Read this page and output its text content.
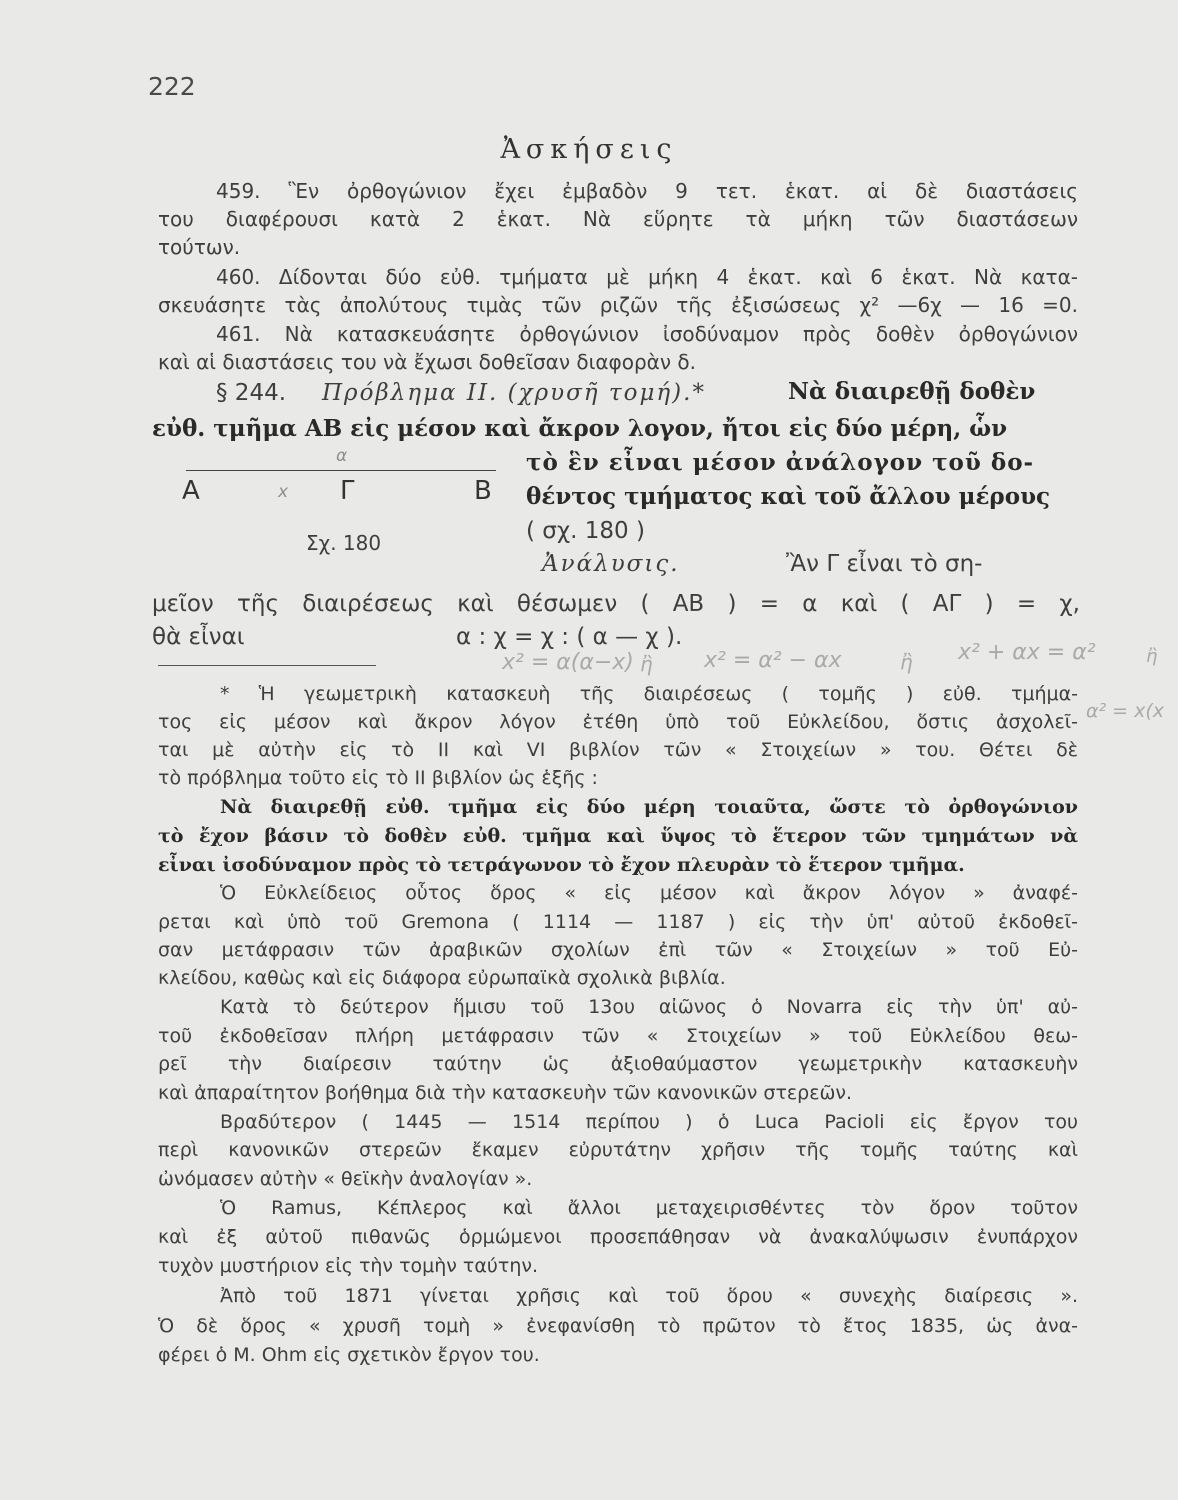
222
Ἀσκήσεις
459. Ἓν ὀρθογώνιον ἔχει ἐμβαδὸν 9 τετ. ἑκατ. αἱ δὲ διαστάσεις
του διαφέρουσι κατὰ 2 ἑκατ. Νὰ εὕρητε τὰ μήκη τῶν διαστάσεων
τούτων.
460. Δίδονται δύο εὐθ. τμήματα μὲ μήκη 4 ἑκατ. καὶ 6 ἑκατ. Νὰ κατα-
σκευάσητε τὰς ἀπολύτους τιμὰς τῶν ριζῶν τῆς ἐξισώσεως χ² —6χ — 16 =0.
461. Νὰ κατασκευάσητε ὀρθογώνιον ἰσοδύναμον πρὸς δοθὲν ὀρθογώνιον
καὶ αἱ διαστάσεις του νὰ ἔχωσι δοθεῖσαν διαφορὰν δ.
§ 244. Πρόβλημα ΙΙ. (χρυσῆ τομή).*	Νὰ διαιρεθῇ δοθὲν
εὐθ. τμῆμα ΑΒ εἰς μέσον καὶ ἄκρον λογον, ἤτοι εἰς δύο μέρη, ὧν
τὸ ἓν εἶναι μέσον ἀνάλογον τοῦ δο-
θέντος τμήματος καὶ τοῦ ἄλλου μέρους
( σχ. 180 )
α
x
Α	Γ	Β
Σχ. 180
Ἀνάλυσις.	Ἂν Γ εἶναι τὸ ση-
μεῖον τῆς διαιρέσεως καὶ θέσωμεν ( ΑΒ ) = α καὶ ( ΑΓ ) = χ,
θὰ εἶναι	α : χ = χ : ( α — χ ).
x² = α(α−x) ἢ x² = α² − αx	ἢ x² + αx = α²	ἢ
α² = x(x
* Ἡ γεωμετρικὴ κατασκευὴ τῆς διαιρέσεως ( τομῆς ) εὐθ. τμήμα-
τος εἰς μέσον καὶ ἄκρον λόγον ἐτέθη ὑπὸ τοῦ Εὐκλείδου, ὅστις ἀσχολεῖ-
ται μὲ αὐτὴν εἰς τὸ ΙΙ καὶ VI βιβλίον τῶν « Στοιχείων » του. Θέτει δὲ
τὸ πρόβλημα τοῦτο εἰς τὸ ΙΙ βιβλίον ὡς ἑξῆς :
Νὰ διαιρεθῇ εὐθ. τμῆμα εἰς δύο μέρη τοιαῦτα, ὥστε τὸ ὀρθογώνιον
τὸ ἔχον βάσιν τὸ δοθὲν εὐθ. τμῆμα καὶ ὕψος τὸ ἕτερον τῶν τμημάτων νὰ
εἶναι ἰσοδύναμον πρὸς τὸ τετράγωνον τὸ ἔχον πλευρὰν τὸ ἕτερον τμῆμα.
Ὁ Εὐκλείδειος οὗτος ὅρος « εἰς μέσον καὶ ἄκρον λόγον » ἀναφέ-
ρεται καὶ ὑπὸ τοῦ Gremona ( 1114 — 1187 ) εἰς τὴν ὑπ' αὐτοῦ ἐκδοθεῖ-
σαν μετάφρασιν τῶν ἀραβικῶν σχολίων ἐπὶ τῶν « Στοιχείων » τοῦ Εὐ-
κλείδου, καθὼς καὶ εἰς διάφορα εὐρωπαϊκὰ σχολικὰ βιβλία.
Κατὰ τὸ δεύτερον ἥμισυ τοῦ 13ου αἰῶνος ὁ Novarra εἰς τὴν ὑπ' αὐ-
τοῦ ἐκδοθεῖσαν πλήρη μετάφρασιν τῶν « Στοιχείων » τοῦ Εὐκλείδου θεω-
ρεῖ τὴν διαίρεσιν ταύτην ὡς ἀξιοθαύμαστον γεωμετρικὴν κατασκευὴν
καὶ ἀπαραίτητον βοήθημα διὰ τὴν κατασκευὴν τῶν κανονικῶν στερεῶν.
Βραδύτερον ( 1445 — 1514 περίπου ) ὁ Luca Pacioli εἰς ἔργον του
περὶ κανονικῶν στερεῶν ἔκαμεν εὐρυτάτην χρῆσιν τῆς τομῆς ταύτης καὶ
ὠνόμασεν αὐτὴν « θεϊκὴν ἀναλογίαν ».
Ὁ Ramus, Κέπλερος καὶ ἄλλοι μεταχειρισθέντες τὸν ὅρον τοῦτον
καὶ ἐξ αὐτοῦ πιθανῶς ὁρμώμενοι προσεπάθησαν νὰ ἀνακαλύψωσιν ἐνυπάρχον
τυχὸν μυστήριον εἰς τὴν τομὴν ταύτην.
Ἀπὸ τοῦ 1871 γίνεται χρῆσις καὶ τοῦ ὅρου « συνεχὴς διαίρεσις ».
Ὁ δὲ ὅρος « χρυσῆ τομὴ » ἐνεφανίσθη τὸ πρῶτον τὸ ἔτος 1835, ὡς ἀνα-
φέρει ὁ Μ. Ohm εἰς σχετικὸν ἔργον του.
